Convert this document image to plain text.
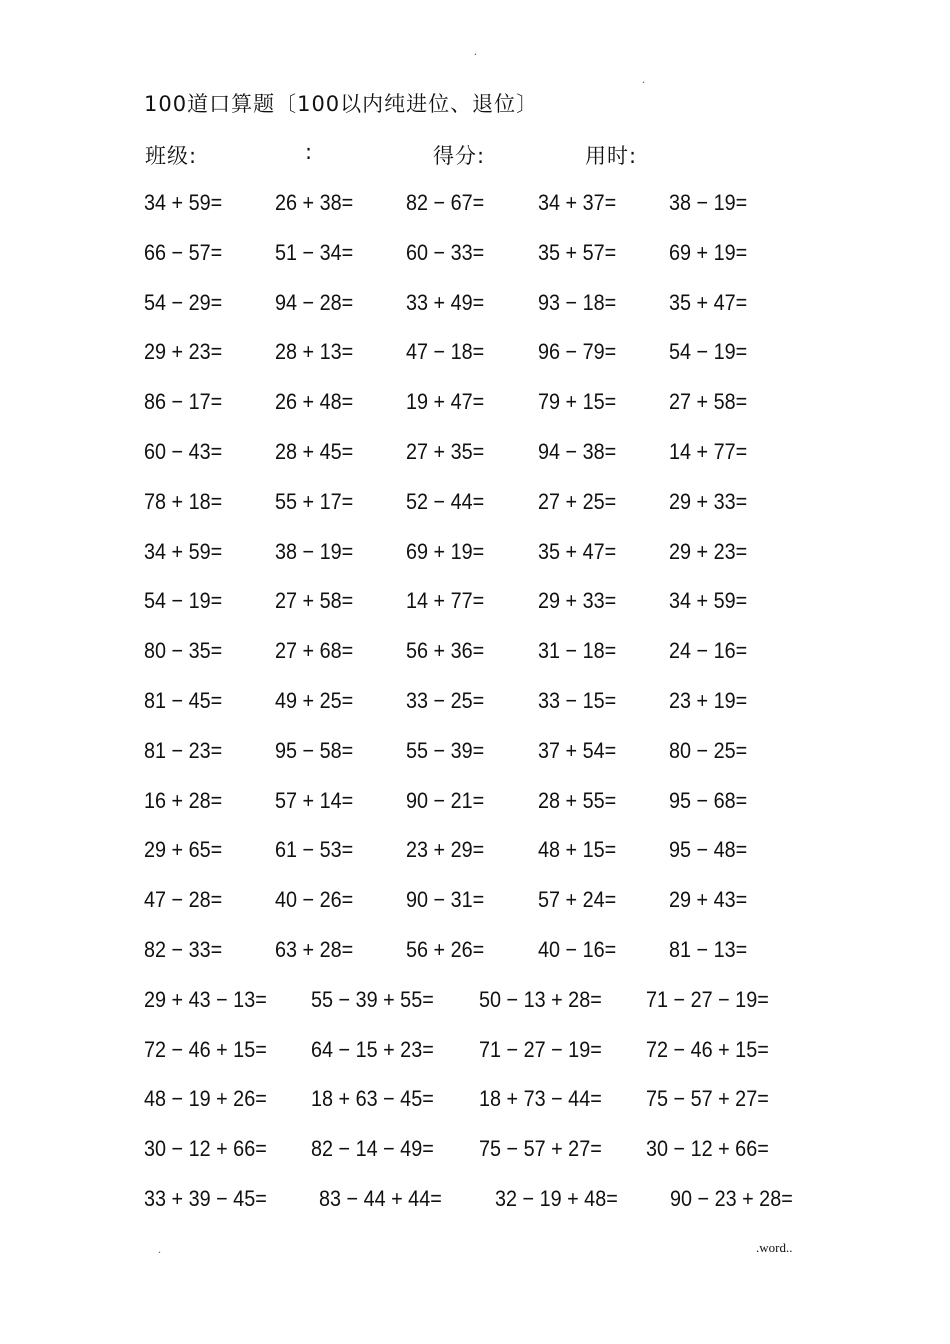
.
.
100道口算题〔100以内纯进位、退位〕
班级:	:	得分:	用时:
34 + 59= 26 + 38= 82 − 67= 34 + 37= 38 − 19=
66 − 57= 51 − 34= 60 − 33= 35 + 57= 69 + 19=
54 − 29= 94 − 28= 33 + 49= 93 − 18= 35 + 47=
29 + 23= 28 + 13= 47 − 18= 96 − 79= 54 − 19=
86 − 17= 26 + 48= 19 + 47= 79 + 15= 27 + 58=
60 − 43= 28 + 45= 27 + 35= 94 − 38= 14 + 77=
78 + 18= 55 + 17= 52 − 44= 27 + 25= 29 + 33=
34 + 59= 38 − 19= 69 + 19= 35 + 47= 29 + 23=
54 − 19= 27 + 58= 14 + 77= 29 + 33= 34 + 59=
80 − 35= 27 + 68= 56 + 36= 31 − 18= 24 − 16=
81 − 45= 49 + 25= 33 − 25= 33 − 15= 23 + 19=
81 − 23= 95 − 58= 55 − 39= 37 + 54= 80 − 25=
16 + 28= 57 + 14= 90 − 21= 28 + 55= 95 − 68=
29 + 65= 61 − 53= 23 + 29= 48 + 15= 95 − 48=
47 − 28= 40 − 26= 90 − 31= 57 + 24= 29 + 43=
82 − 33= 63 + 28= 56 + 26= 40 − 16= 81 − 13=
29 + 43 − 13= 55 − 39 + 55= 50 − 13 + 28= 71 − 27 − 19=
72 − 46 + 15= 64 − 15 + 23= 71 − 27 − 19= 72 − 46 + 15=
48 − 19 + 26= 18 + 63 − 45= 18 + 73 − 44= 75 − 57 + 27=
30 − 12 + 66= 82 − 14 − 49= 75 − 57 + 27= 30 − 12 + 66=
33 + 39 − 45= 83 − 44 + 44= 32 − 19 + 48= 90 − 23 + 28=
.	.word..
